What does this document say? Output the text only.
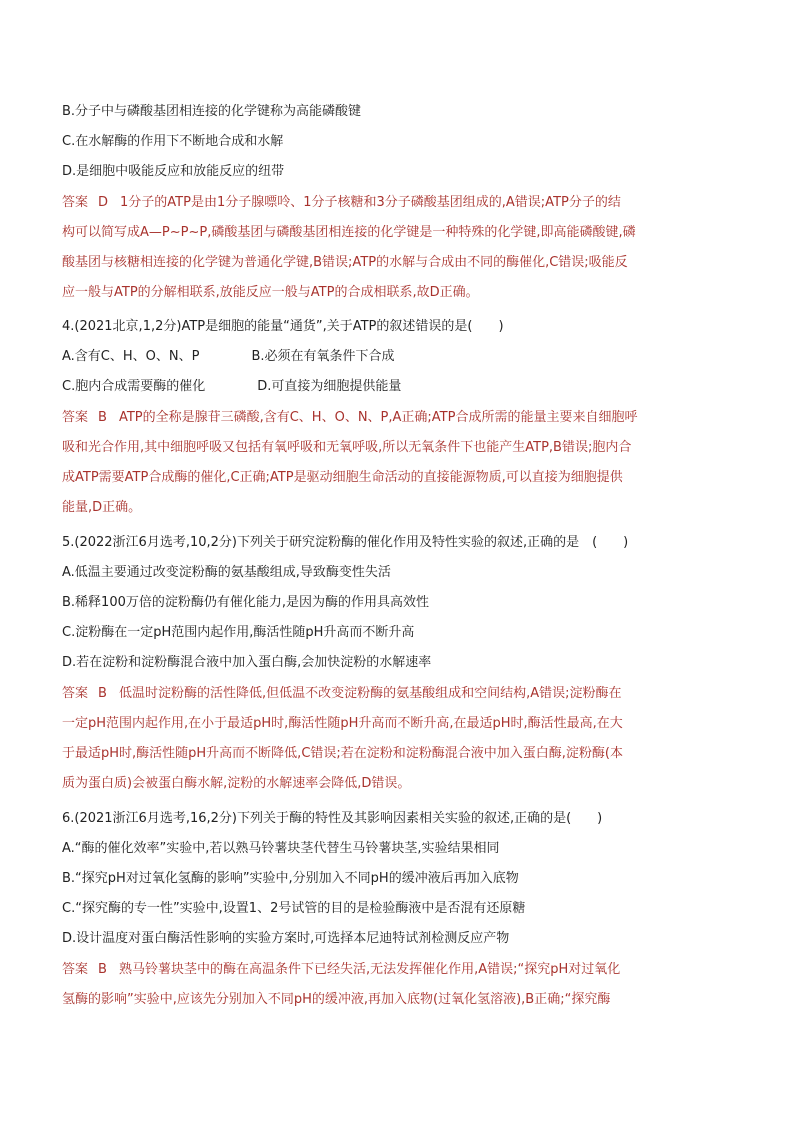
B.分子中与磷酸基团相连接的化学键称为高能磷酸键
C.在水解酶的作用下不断地合成和水解
D.是细胞中吸能反应和放能反应的纽带
答案 D 1分子的ATP是由1分子腺嘌呤、1分子核糖和3分子磷酸基团组成的,A错误;ATP分子的结
构可以简写成A—P~P~P,磷酸基团与磷酸基团相连接的化学键是一种特殊的化学键,即高能磷酸键,磷
酸基团与核糖相连接的化学键为普通化学键,B错误;ATP的水解与合成由不同的酶催化,C错误;吸能反
应一般与ATP的分解相联系,放能反应一般与ATP的合成相联系,故D正确。
4.(2021北京,1,2分)ATP是细胞的能量“通货”,关于ATP的叙述错误的是(　　)
A.含有C、H、O、N、P　　　　B.必须在有氧条件下合成
C.胞内合成需要酶的催化　　　　D.可直接为细胞提供能量
答案 B ATP的全称是腺苷三磷酸,含有C、H、O、N、P,A正确;ATP合成所需的能量主要来自细胞呼
吸和光合作用,其中细胞呼吸又包括有氧呼吸和无氧呼吸,所以无氧条件下也能产生ATP,B错误;胞内合
成ATP需要ATP合成酶的催化,C正确;ATP是驱动细胞生命活动的直接能源物质,可以直接为细胞提供
能量,D正确。
5.(2022浙江6月选考,10,2分)下列关于研究淀粉酶的催化作用及特性实验的叙述,正确的是　(　　)
A.低温主要通过改变淀粉酶的氨基酸组成,导致酶变性失活
B.稀释100万倍的淀粉酶仍有催化能力,是因为酶的作用具高效性
C.淀粉酶在一定pH范围内起作用,酶活性随pH升高而不断升高
D.若在淀粉和淀粉酶混合液中加入蛋白酶,会加快淀粉的水解速率
答案 B 低温时淀粉酶的活性降低,但低温不改变淀粉酶的氨基酸组成和空间结构,A错误;淀粉酶在
一定pH范围内起作用,在小于最适pH时,酶活性随pH升高而不断升高,在最适pH时,酶活性最高,在大
于最适pH时,酶活性随pH升高而不断降低,C错误;若在淀粉和淀粉酶混合液中加入蛋白酶,淀粉酶(本
质为蛋白质)会被蛋白酶水解,淀粉的水解速率会降低,D错误。
6.(2021浙江6月选考,16,2分)下列关于酶的特性及其影响因素相关实验的叙述,正确的是(　　)
A.“酶的催化效率”实验中,若以熟马铃薯块茎代替生马铃薯块茎,实验结果相同
B.“探究pH对过氧化氢酶的影响”实验中,分别加入不同pH的缓冲液后再加入底物
C.“探究酶的专一性”实验中,设置1、2号试管的目的是检验酶液中是否混有还原糖
D.设计温度对蛋白酶活性影响的实验方案时,可选择本尼迪特试剂检测反应产物
答案 B 熟马铃薯块茎中的酶在高温条件下已经失活,无法发挥催化作用,A错误;“探究pH对过氧化
氢酶的影响”实验中,应该先分别加入不同pH的缓冲液,再加入底物(过氧化氢溶液),B正确;“探究酶
